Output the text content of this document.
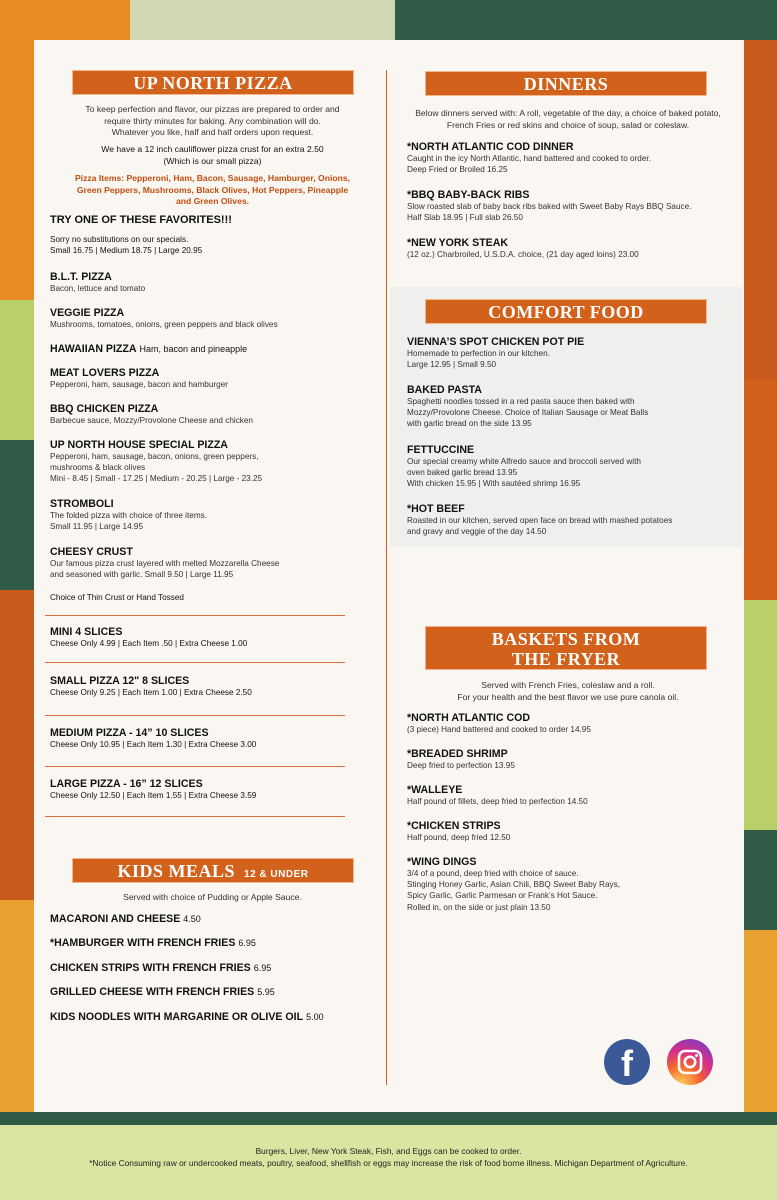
UP NORTH PIZZA
To keep perfection and flavor, our pizzas are prepared to order and
require thirty minutes for baking. Any combination will do.
Whatever you like, half and half orders upon request.
We have a 12 inch cauliflower pizza crust for an extra 2.50
(Which is our small pizza)
Pizza Items: Pepperoni, Ham, Bacon, Sausage, Hamburger, Onions,
Green Peppers, Mushrooms, Black Olives, Hot Peppers, Pineapple
and Green Olives.
TRY ONE OF THESE FAVORITES!!!
Sorry no substitutions on our specials.
Small 16.75 | Medium 18.75 | Large 20.95
B.L.T. PIZZA
Bacon, lettuce and tomato
VEGGIE PIZZA
Mushrooms, tomatoes, onions, green peppers and black olives
HAWAIIAN PIZZA Ham, bacon and pineapple
MEAT LOVERS PIZZA
Pepperoni, ham, sausage, bacon and hamburger
BBQ CHICKEN PIZZA
Barbecue sauce, Mozzy/Provolone Cheese and chicken
UP NORTH HOUSE SPECIAL PIZZA
Pepperoni, ham, sausage, bacon, onions, green peppers,
mushrooms & black olives
Mini - 8.45 | Small - 17.25 | Medium - 20.25 | Large - 23.25
STROMBOLI
The folded pizza with choice of three items.
Small 11.95 | Large 14.95
CHEESY CRUST
Our famous pizza crust layered with melted Mozzarella Cheese
and seasoned with garlic. Small 9.50 | Large 11.95
Choice of Thin Crust or Hand Tossed
MINI 4 SLICES
Cheese Only 4.99 | Each Item .50 | Extra Cheese 1.00
SMALL PIZZA 12" 8 SLICES
Cheese Only 9.25 | Each Item 1.00 | Extra Cheese 2.50
MEDIUM PIZZA - 14” 10 SLICES
Cheese Only 10.95 | Each Item 1.30 | Extra Cheese 3.00
LARGE PIZZA - 16” 12 SLICES
Cheese Only 12.50 | Each Item 1.55 | Extra Cheese 3.59
KIDS MEALS 12 & UNDER
Served with choice of Pudding or Apple Sauce.
MACARONI AND CHEESE 4.50
*HAMBURGER WITH FRENCH FRIES 6.95
CHICKEN STRIPS WITH FRENCH FRIES 6.95
GRILLED CHEESE WITH FRENCH FRIES 5.95
KIDS NOODLES WITH MARGARINE OR OLIVE OIL 5.00
DINNERS
Below dinners served with: A roll, vegetable of the day, a choice of baked potato,
French Fries or red skins and choice of soup, salad or coleslaw.
*NORTH ATLANTIC COD DINNER
Caught in the icy North Atlantic, hand battered and cooked to order.
Deep Fried or Broiled 16.25
*BBQ BABY-BACK RIBS
Slow roasted slab of baby back ribs baked with Sweet Baby Rays BBQ Sauce.
Half Slab 18.95 | Full slab 26.50
*NEW YORK STEAK
(12 oz.) Charbroiled, U.S.D.A. choice, (21 day aged loins) 23.00
COMFORT FOOD
VIENNA’S SPOT CHICKEN POT PIE
Homemade to perfection in our kitchen.
Large 12.95 | Small 9.50
BAKED PASTA
Spaghetti noodles tossed in a red pasta sauce then baked with
Mozzy/Provolone Cheese. Choice of Italian Sausage or Meat Balls
with garlic bread on the side 13.95
FETTUCCINE
Our special creamy white Alfredo sauce and broccoli served with
oven baked garlic bread 13.95
With chicken 15.95 | With sautéed shrimp 16.95
*HOT BEEF
Roasted in our kitchen, served open face on bread with mashed potatoes
and gravy and veggie of the day 14.50
BASKETS FROM
THE FRYER
Served with French Fries, coleslaw and a roll.
For your health and the best flavor we use pure canola oil.
*NORTH ATLANTIC COD
(3 piece) Hand battered and cooked to order 14.95
*BREADED SHRIMP
Deep fried to perfection 13.95
*WALLEYE
Half pound of fillets, deep fried to perfection 14.50
*CHICKEN STRIPS
Half pound, deep fried 12.50
*WING DINGS
3/4 of a pound, deep fried with choice of sauce.
Stinging Honey Garlic, Asian Chili, BBQ Sweet Baby Rays,
Spicy Garlic, Garlic Parmesan or Frank’s Hot Sauce.
Rolled in, on the side or just plain 13.50
f
Burgers, Liver, New York Steak, Fish, and Eggs can be cooked to order.
*Notice Consuming raw or undercooked meats, poultry, seafood, shellfish or eggs may increase the risk of food borne illness. Michigan Department of Agriculture.
